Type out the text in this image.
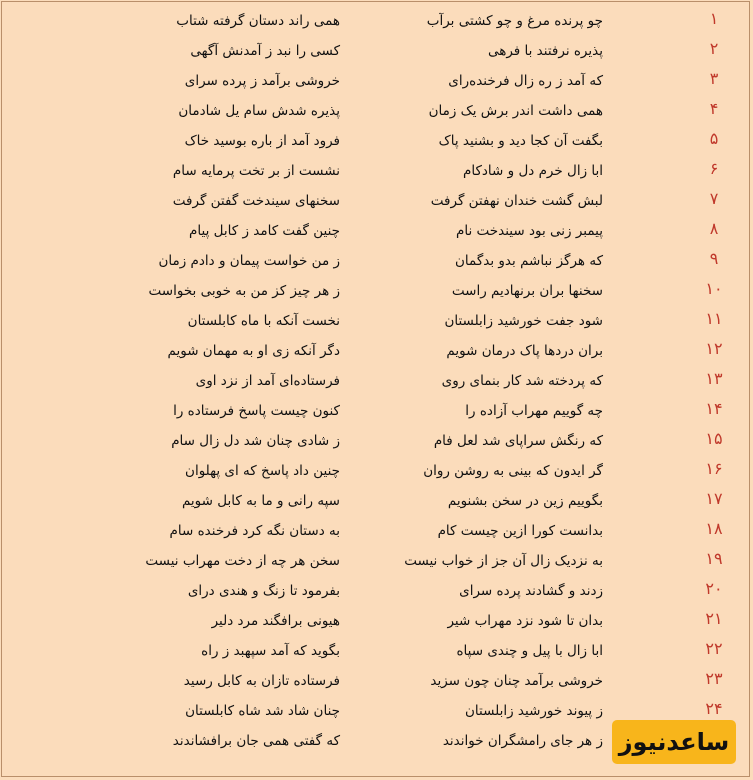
۱
همی راند دستان گرفته شتاب	چو پرنده مرغ و چو کشتی برآب
۲
کسی را نبد ز آمدنش آگهی	پذیره نرفتند با فرهی
۳
خروشی برآمد ز پرده سرای	که آمد ز ره زال فرخنده‌رای
۴
پذیره شدش سام یل شادمان	همی داشت اندر برش یک زمان
۵
فرود آمد از باره بوسید خاک	بگفت آن کجا دید و بشنید پاک
۶
نشست از بر تخت پرمایه سام	ابا زال خرم دل و شادکام
۷
سخنهای سیندخت گفتن گرفت	لبش گشت خندان نهفتن گرفت
۸
چنین گفت کامد ز کابل پیام	پیمبر زنی بود سیندخت نام
۹
ز من خواست پیمان و دادم زمان	که هرگز نباشم بدو بدگمان
۱۰
ز هر چیز کز من به خوبی بخواست	سخنها بران برنهادیم راست
۱۱
نخست آنکه با ماه کابلستان	شود جفت خورشید زابلستان
۱۲
دگر آنکه زی او به مهمان شویم	بران دردها پاک درمان شویم
۱۳
فرستاده‌ای آمد از نزد اوی	که پردخته شد کار بنمای روی
۱۴
کنون چیست پاسخ فرستاده را	چه گوییم مهراب آزاده را
۱۵
ز شادی چنان شد دل زال سام	که رنگش سراپای شد لعل فام
۱۶
چنین داد پاسخ که ای پهلوان	گر ایدون که بینی به روشن روان
۱۷
سپه رانی و ما به کابل شویم	بگوییم زین در سخن بشنویم
۱۸
به دستان نگه کرد فرخنده سام	بدانست کورا ازین چیست کام
۱۹
سخن هر چه از دخت مهراب نیست	به نزدیک زال آن جز از خواب نیست
۲۰
بفرمود تا زنگ و هندی درای	زدند و گشادند پرده سرای
۲۱
هیونی برافگند مرد دلیر	بدان تا شود نزد مهراب شیر
۲۲
بگوید که آمد سپهبد ز راه	ابا زال با پیل و چندی سپاه
۲۳
فرستاده تازان به کابل رسید	خروشی برآمد چنان چون سزید
۲۴
چنان شاد شد شاه کابلستان	ز پیوند خورشید زابلستان
که گفتی همی جان برافشاندند	ز هر جای رامشگران خواندند ساعدنیوز
